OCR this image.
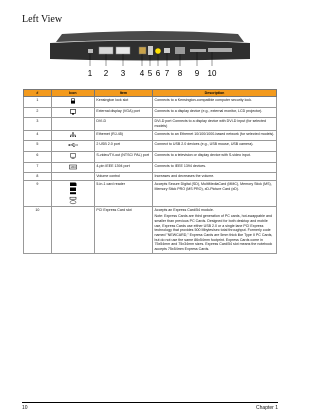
Left View
1 2 3 4 5 6 7 8 9 10
#	Icon	Item	Description
1		Kensington lock slot	Connects to a Kensington-compatible computer security lock.
2		External display (VGA) port	Connects to a display device (e.g., external monitor, LCD projector).
3		DVI-D	DVI-D port Connects to a display device with DVI-D input (for selected models)
4		Ethernet (RJ-45)	Connects to an Ethernet 10/100/1000-based network (for selected models).
5		2 USB 2.0 port	Connect to USB 2.0 devices (e.g., USB mouse, USB camera).
6		S-video/TV-out (NTSC/ PAL) port	Connects to a television or display device with S-video input.
7	1394	4-pin IEEE 1394 port	Connects to IEEE 1394 devices.
8		Volume control	Increases and decreases the volume.
9		5-in-1 card reader	Accepts Secure Digital (SD), MultiMediaCard (MMC), Memory Stick (MS), Memory Stick PRO (MS PRO), xD-Picture Card (xD).
10		PCI Express Card slot	Accepts an Express Card/54 module.
Note: Express Cards are third generation of PC cards, hot-swappable and smaller than previous PC Cards. Designed for both desktop and mobile use, Express Cards use either USB 2.0 or a single lane PCI Express technology that provides 500 Mbytes/sec total throughput. Formerly code named "NEWCARD," Express Cards are 5mm thick like Type II PC Cards, but do not use the same 86x54mm footprint. Express Cards come in 75x54mm and 75x34mm sizes. Express Card/54 slot means the notebook accepts 75x54mm Express Cards.
10	Chapter 1
